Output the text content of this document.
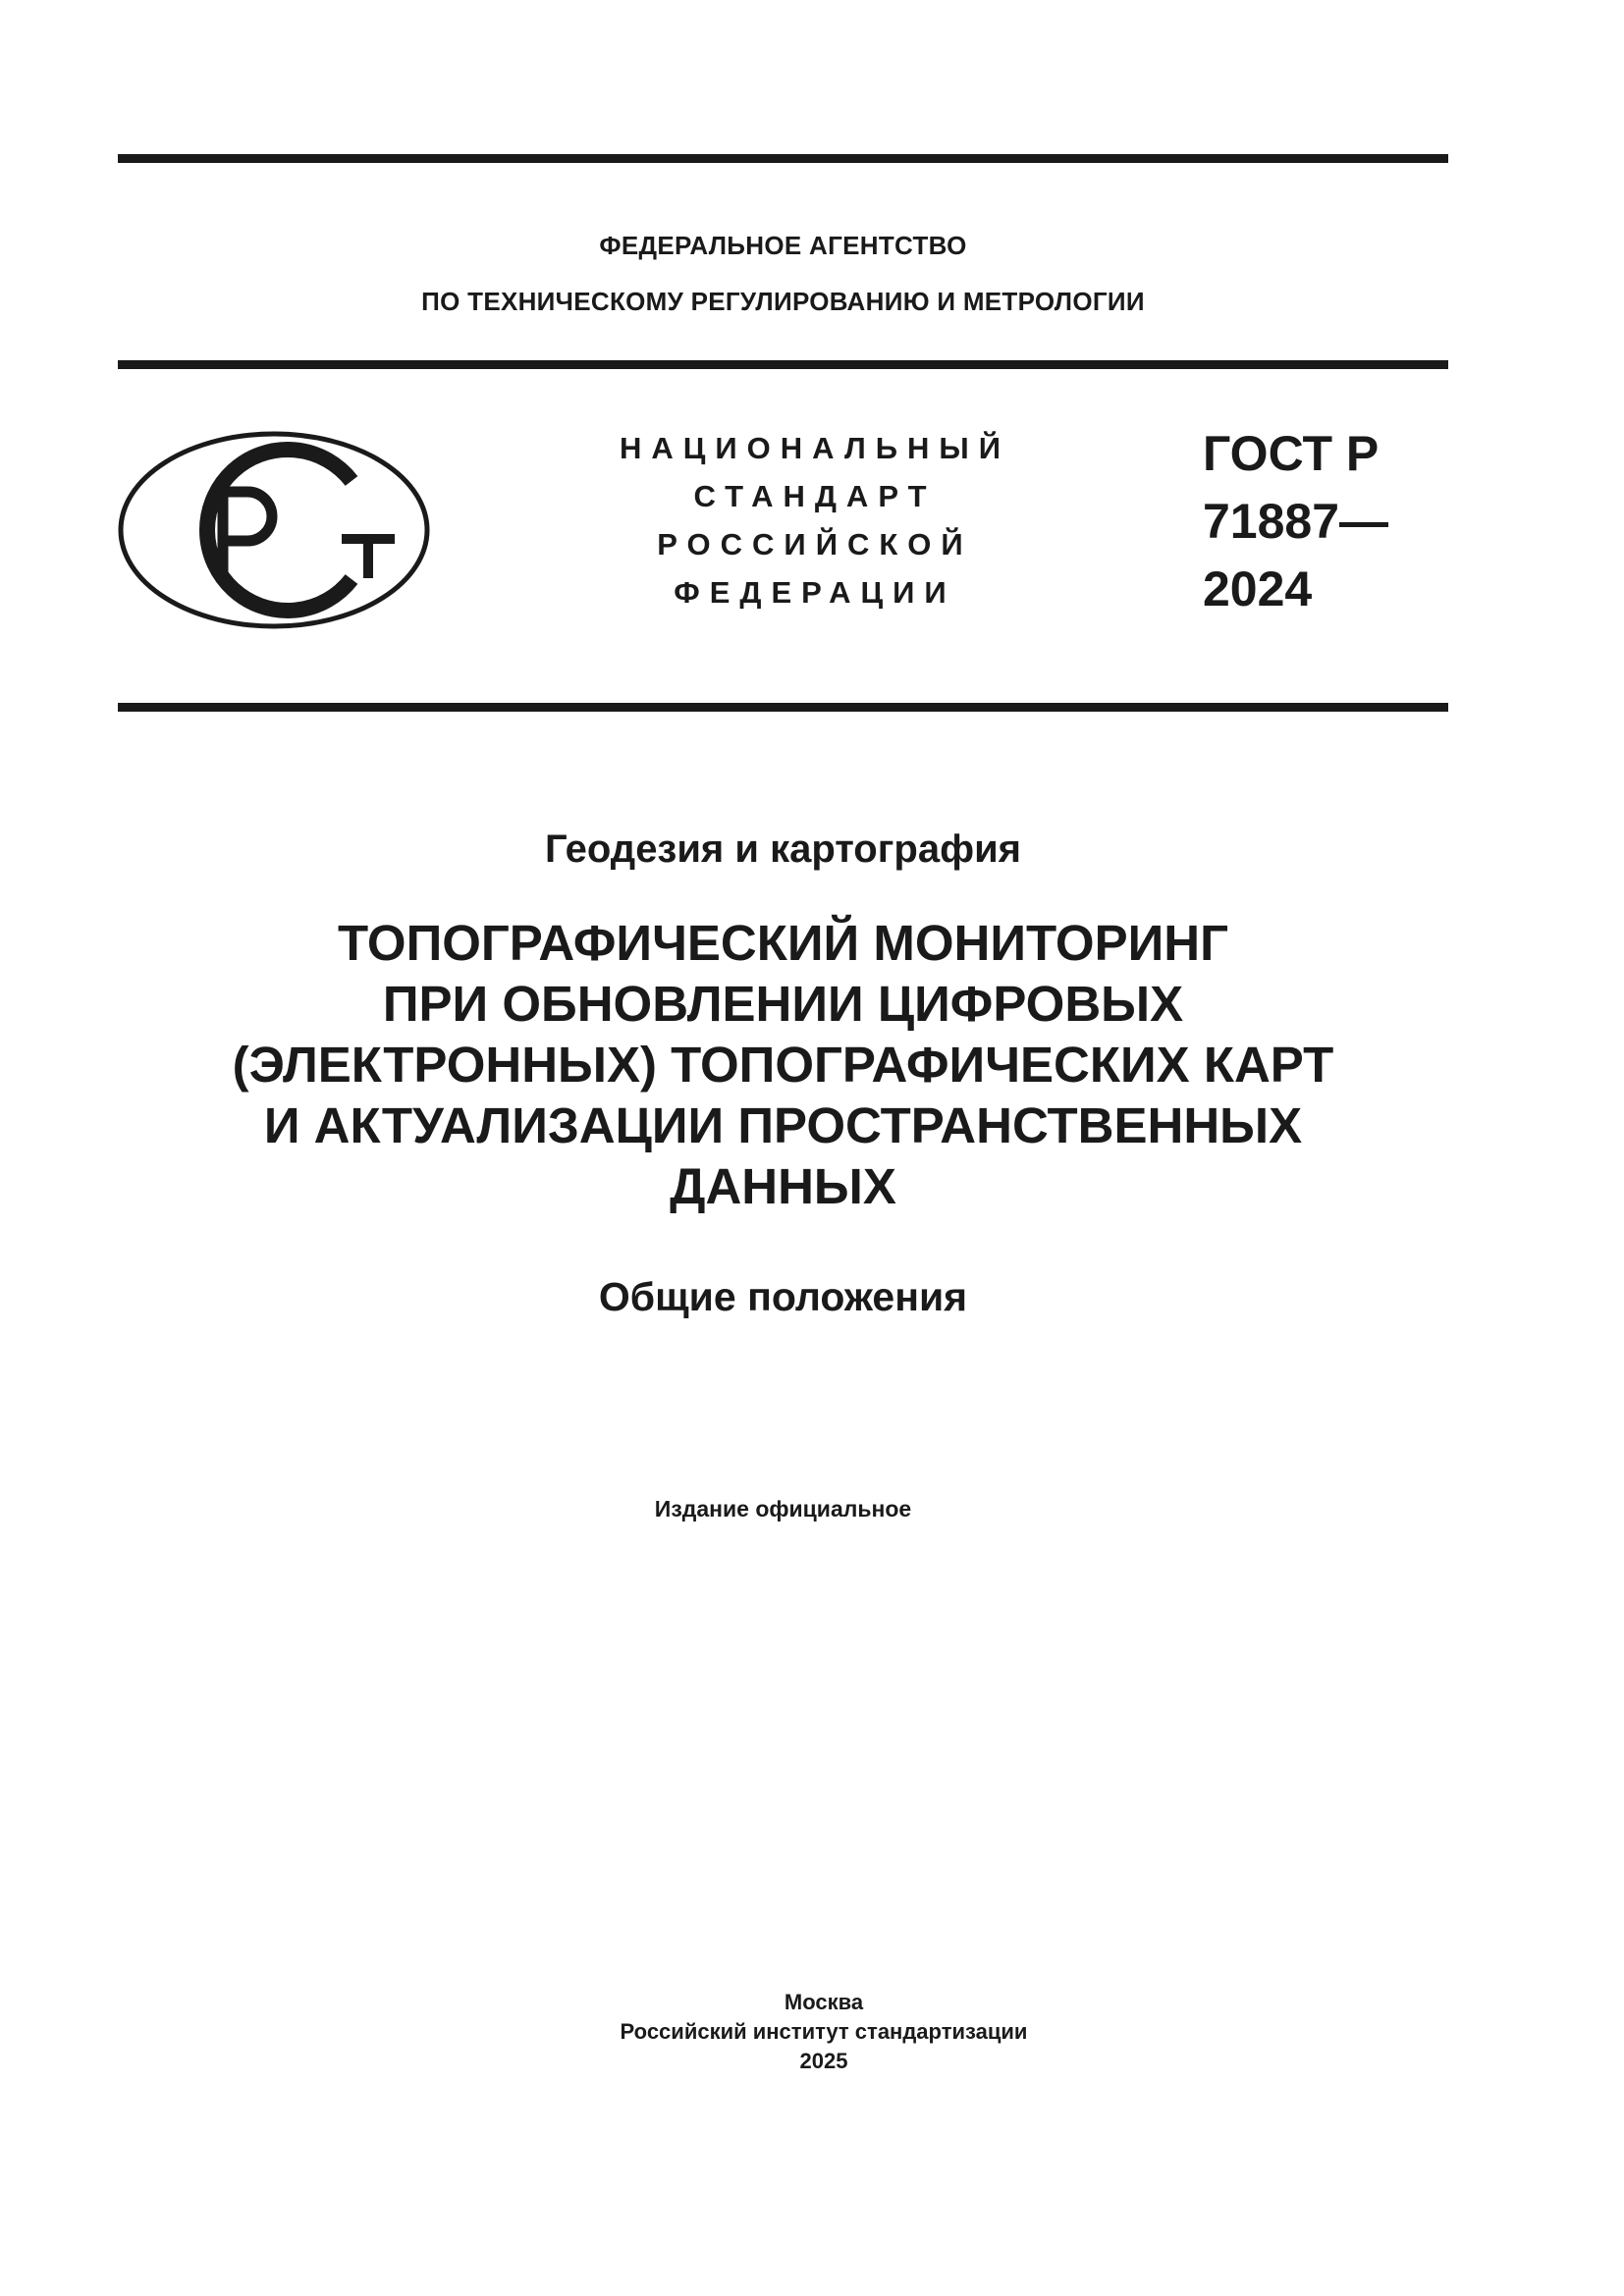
ФЕДЕРАЛЬНОЕ АГЕНТСТВО
ПО ТЕХНИЧЕСКОМУ РЕГУЛИРОВАНИЮ И МЕТРОЛОГИИ
НАЦИОНАЛЬНЫЙ
СТАНДАРТ
РОССИЙСКОЙ
ФЕДЕРАЦИИ
ГОСТ Р
71887—
2024
Геодезия и картография
ТОПОГРАФИЧЕСКИЙ МОНИТОРИНГ
ПРИ ОБНОВЛЕНИИ ЦИФРОВЫХ
(ЭЛЕКТРОННЫХ) ТОПОГРАФИЧЕСКИХ КАРТ
И АКТУАЛИЗАЦИИ ПРОСТРАНСТВЕННЫХ
ДАННЫХ
Общие положения
Издание официальное
Москва
Российский институт стандартизации
2025
